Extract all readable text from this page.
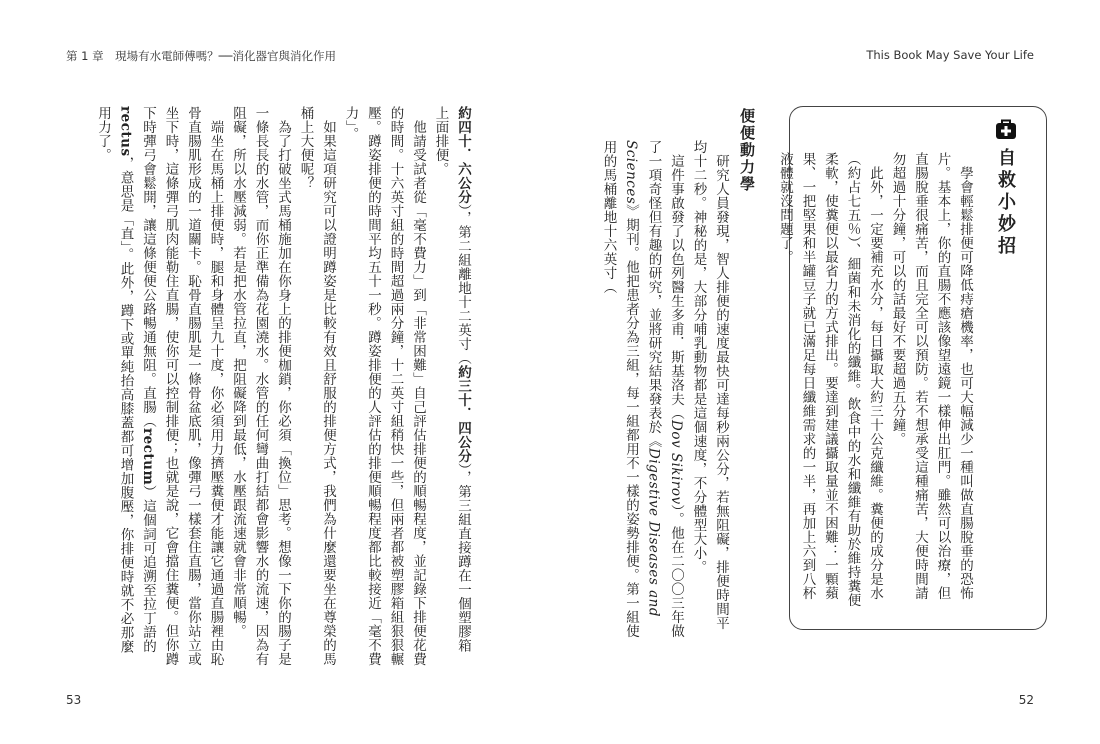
第 1 章　現場有水電師傅嗎？──消化器官與消化作用	This Book May Save Your Life
自救小妙招

學會輕鬆排便可降低痔瘡機率，也可大幅減少一種叫做直腸脫垂的恐怖片。基本上，你的直腸不應該像望遠鏡一樣伸出肛門。雖然可以治療，但直腸脫垂很痛苦，而且完全可以預防。若不想承受這種痛苦，大便時間請勿超過十分鐘，可以的話最好不要超過五分鐘。

此外，一定要補充水分，每日攝取大約三十公克纖維。糞便的成分是水（約占七五％）、細菌和未消化的纖維。飲食中的水和纖維有助於維持糞便柔軟，使糞便以最省力的方式排出。要達到建議攝取量並不困難：一顆蘋果、一把堅果和半罐豆子就已滿足每日纖維需求的一半，再加上六到八杯液體就沒問題了。

便便動力學

研究人員發現，智人排便的速度最快可達每秒兩公分，若無阻礙，排便時間平均十二秒。神秘的是，大部分哺乳動物都是這個速度，不分體型大小。

這件事啟發了以色列醫生多甫．斯基洛夫（Dov Sikirov）。他在二〇〇三年做了一項奇怪但有趣的研究，並將研究結果發表於《Digestive Diseases and Sciences》期刊。他把患者分為三組，每一組都用不一樣的姿勢排便。第一組使用的馬桶離地十六英寸（

約四十．六公分），第二組離地十二英寸（約三十．四公分），第三組直接蹲在一個塑膠箱上面排便。

他請受試者從「毫不費力」到「非常困難」自己評估排便的順暢程度，並記錄下排便花費的時間。十六英寸組的時間超過兩分鐘，十二英寸組稍快一些，但兩者都被塑膠箱組狠狠輾壓。蹲姿排便的時間平均五十一秒。蹲姿排便的人評估的排便順暢程度都比較接近「毫不費力」。

如果這項研究可以證明蹲姿是比較有效且舒服的排便方式，我們為什麼還要坐在尊榮的馬桶上大便呢？

為了打破坐式馬桶施加在你身上的排便枷鎖，你必須「換位」思考。想像一下你的腸子是一條長長的水管，而你正準備為花園澆水。水管的任何彎曲打結都會影響水的流速，因為有阻礙，所以水壓減弱。若是把水管拉直，把阻礙降到最低，水壓跟流速就會非常順暢。

端坐在馬桶上排便時，腿和身體呈九十度，你必須用力擠壓糞便才能讓它通過直腸裡由恥骨直腸肌形成的一道關卡。恥骨直腸肌是一條骨盆底肌，像彈弓一樣套住直腸，當你站立或坐下時，這條彈弓肌肉能勒住直腸，使你可以控制排便；也就是說，它會擋住糞便。但你蹲下時彈弓會鬆開，讓這條便便公路暢通無阻。直腸（rectum）這個詞可追溯至拉丁語的 rectus，意思是「直」。此外，蹲下或單純抬高膝蓋都可增加腹壓，你排便時就不必那麼用力了。

53	52
